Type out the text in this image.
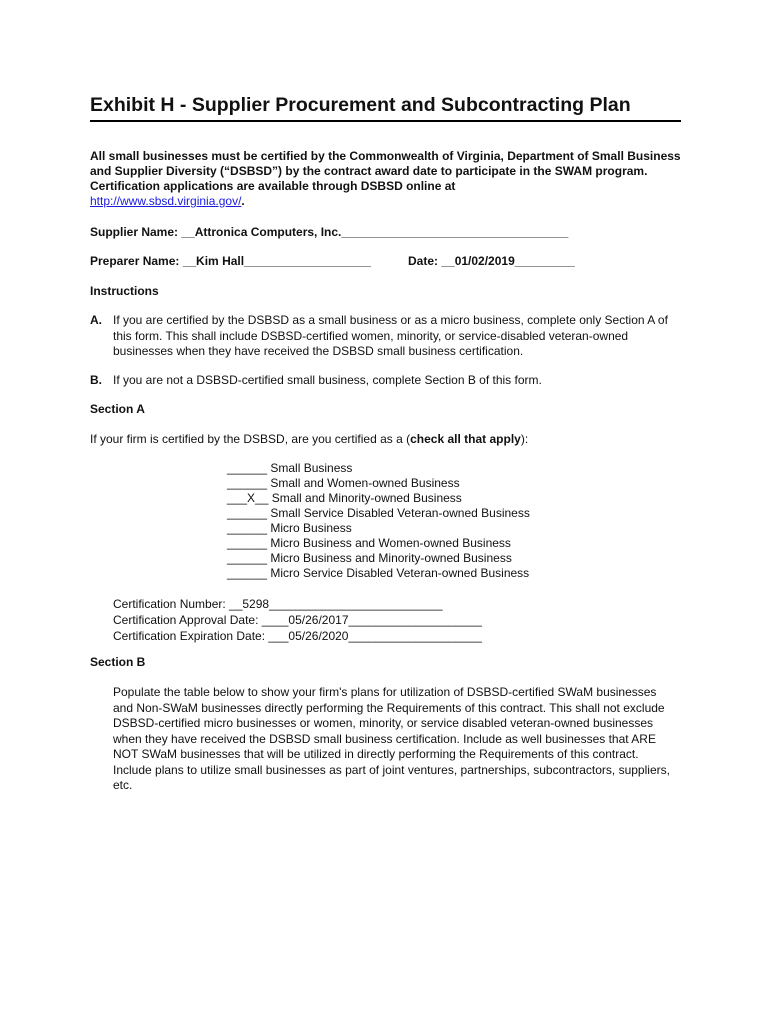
Exhibit H - Supplier Procurement and Subcontracting Plan
All small businesses must be certified by the Commonwealth of Virginia, Department of Small Business and Supplier Diversity (“DSBSD”) by the contract award date to participate in the SWAM program. Certification applications are available through DSBSD online at
http://www.sbsd.virginia.gov/.
Supplier Name: __Attronica Computers, Inc.__________________________________
Preparer Name: __Kim Hall___________________	Date: __01/02/2019_________
Instructions
A. If you are certified by the DSBSD as a small business or as a micro business, complete only Section A of this form. This shall include DSBSD-certified women, minority, or service-disabled veteran-owned businesses when they have received the DSBSD small business certification.
B. If you are not a DSBSD-certified small business, complete Section B of this form.
Section A
If your firm is certified by the DSBSD, are you certified as a (check all that apply):
______ Small Business
______ Small and Women-owned Business
___X__ Small and Minority-owned Business
______ Small Service Disabled Veteran-owned Business
______ Micro Business
______ Micro Business and Women-owned Business
______ Micro Business and Minority-owned Business
______ Micro Service Disabled Veteran-owned Business
Certification Number: __5298__________________________
Certification Approval Date: ____05/26/2017____________________
Certification Expiration Date: ___05/26/2020____________________
Section B
Populate the table below to show your firm's plans for utilization of DSBSD-certified SWaM businesses and Non-SWaM businesses directly performing the Requirements of this contract. This shall not exclude DSBSD-certified micro businesses or women, minority, or service disabled veteran-owned businesses when they have received the DSBSD small business certification. Include as well businesses that ARE NOT SWaM businesses that will be utilized in directly performing the Requirements of this contract. Include plans to utilize small businesses as part of joint ventures, partnerships, subcontractors, suppliers, etc.
